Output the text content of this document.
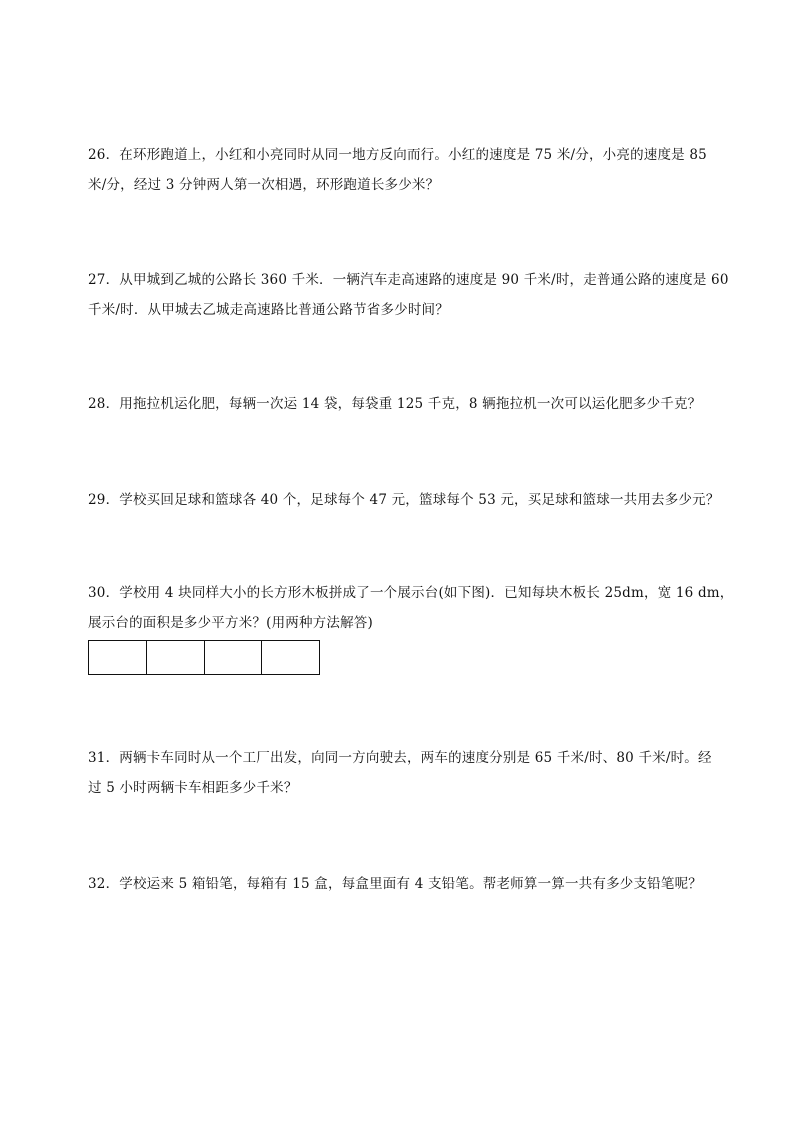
26．在环形跑道上，小红和小亮同时从同一地方反向而行。小红的速度是 75 米/分，小亮的速度是 85
米/分，经过 3 分钟两人第一次相遇，环形跑道长多少米？
27．从甲城到乙城的公路长 360 千米．一辆汽车走高速路的速度是 90 千米/时，走普通公路的速度是 60
千米/时．从甲城去乙城走高速路比普通公路节省多少时间？
28．用拖拉机运化肥，每辆一次运 14 袋，每袋重 125 千克，8 辆拖拉机一次可以运化肥多少千克？
29．学校买回足球和篮球各 40 个，足球每个 47 元，篮球每个 53 元，买足球和篮球一共用去多少元？
30．学校用 4 块同样大小的长方形木板拼成了一个展示台(如下图)．已知每块木板长 25dm，宽 16 dm，
展示台的面积是多少平方米？(用两种方法解答)
31．两辆卡车同时从一个工厂出发，向同一方向驶去，两车的速度分别是 65 千米/时、80 千米/时。经
过 5 小时两辆卡车相距多少千米？
32．学校运来 5 箱铅笔，每箱有 15 盒，每盒里面有 4 支铅笔。帮老师算一算一共有多少支铅笔呢？
